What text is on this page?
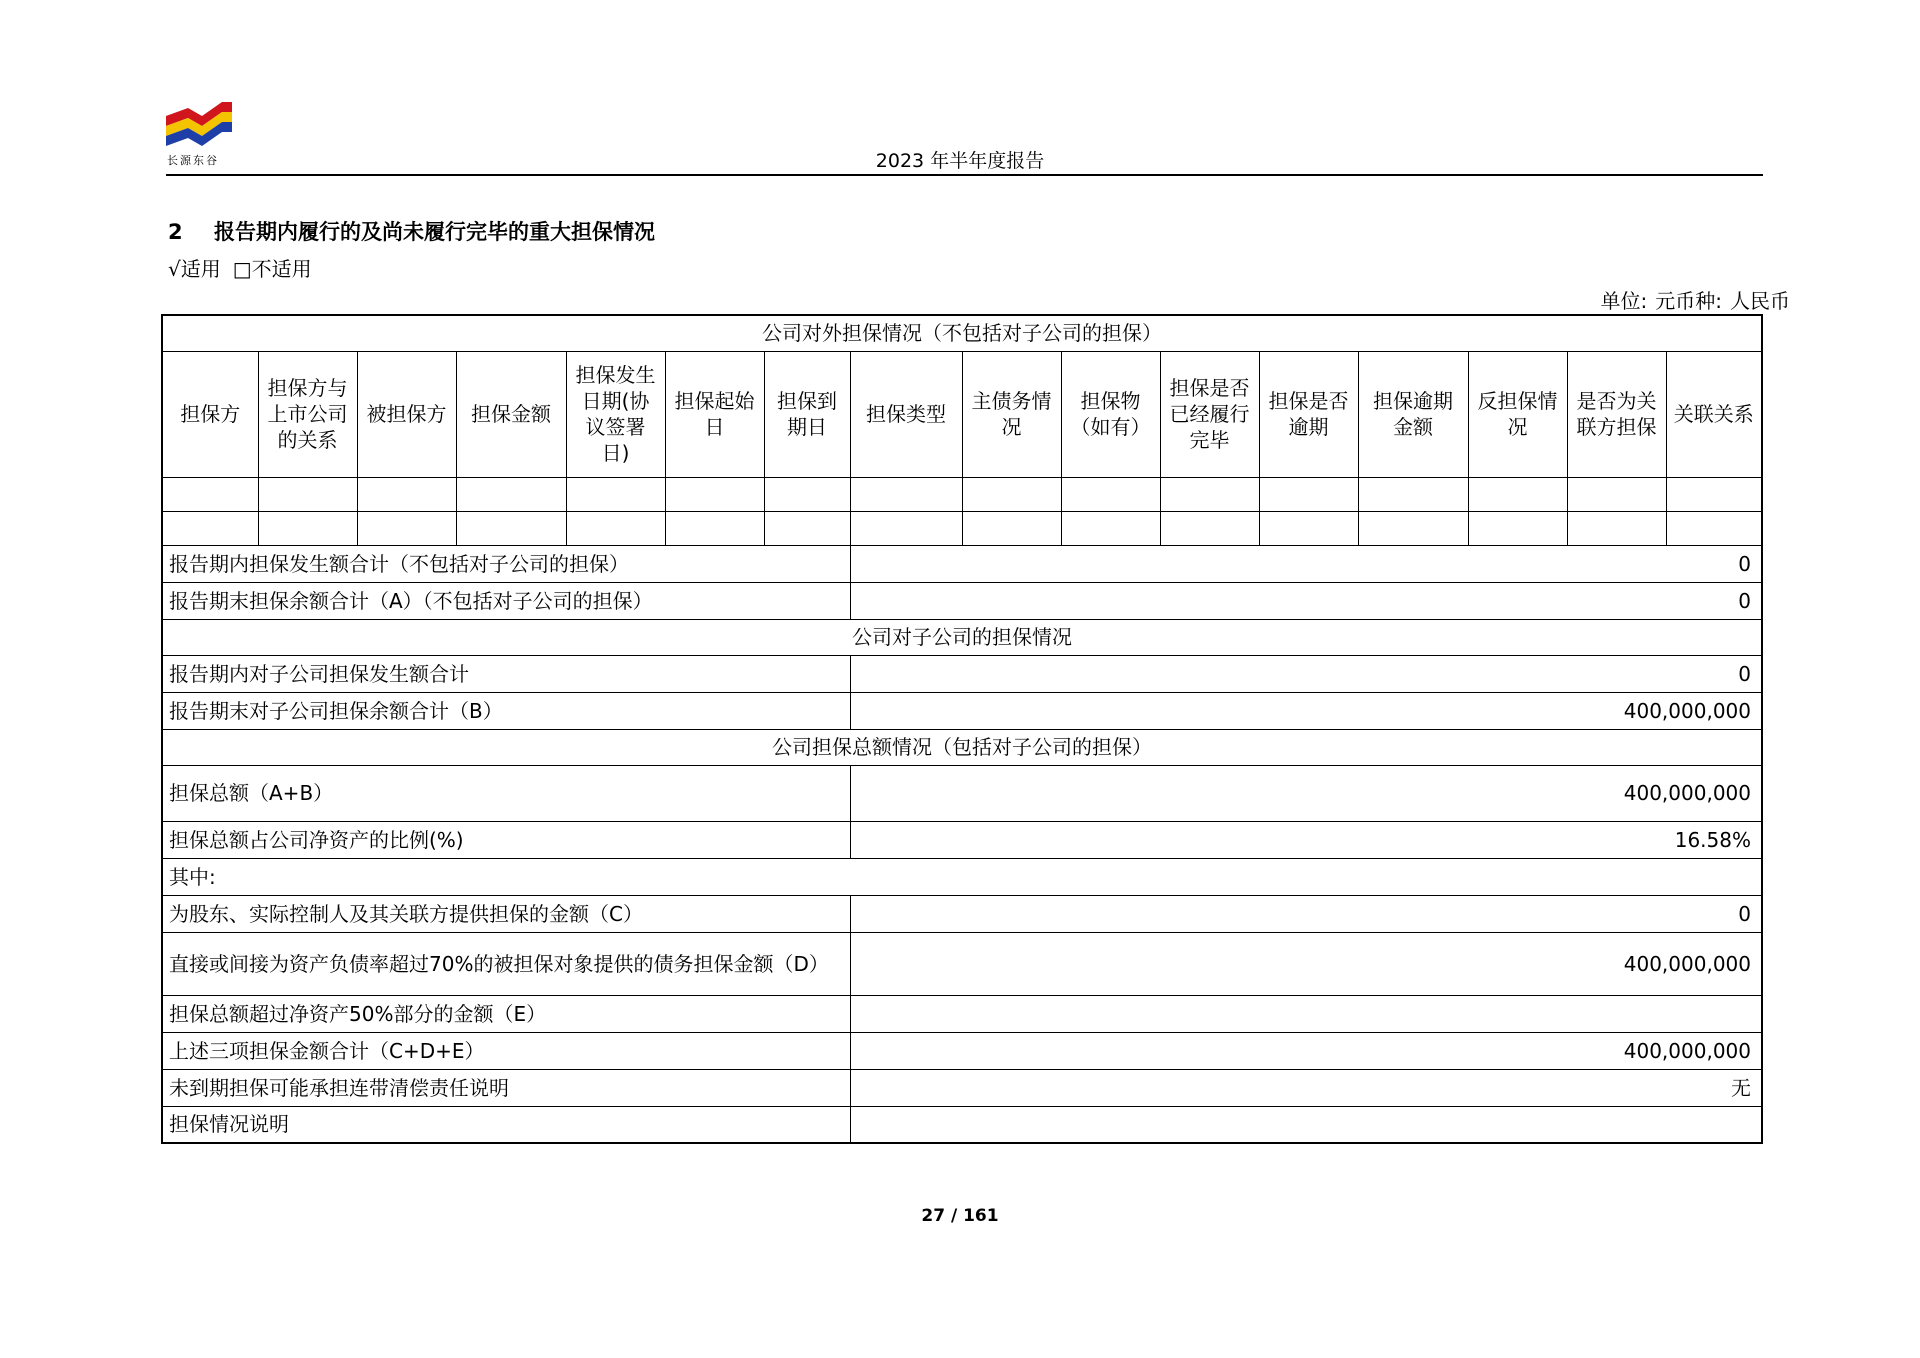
长源东谷	2023 年半年度报告
2 报告期内履行的及尚未履行完毕的重大担保情况
√适用 □不适用
单位: 元币种: 人民币
公司对外担保情况（不包括对子公司的担保）															
担保方	担保方与上市公司的关系	被担保方	担保金额	担保发生日期(协议签署日)	担保起始日	担保到期日	担保类型	主债务情况	担保物（如有）	担保是否已经履行完毕	担保是否逾期	担保逾期金额	反担保情况	是否为关联方担保	关联关系

报告期内担保发生额合计（不包括对子公司的担保）							0								
报告期末担保余额合计（A）（不包括对子公司的担保）							0								
公司对子公司的担保情况															
报告期内对子公司担保发生额合计							0								
报告期末对子公司担保余额合计（B）							400,000,000								
公司担保总额情况（包括对子公司的担保）															
担保总额（A+B）							400,000,000								
担保总额占公司净资产的比例(%)							16.58%								
其中:															
为股东、实际控制人及其关联方提供担保的金额（C）							0								
直接或间接为资产负债率超过70%的被担保对象提供的债务担保金额（D）							400,000,000								
担保总额超过净资产50%部分的金额（E）															
上述三项担保金额合计（C+D+E）							400,000,000								
未到期担保可能承担连带清偿责任说明							无								
担保情况说明															
27 / 161
